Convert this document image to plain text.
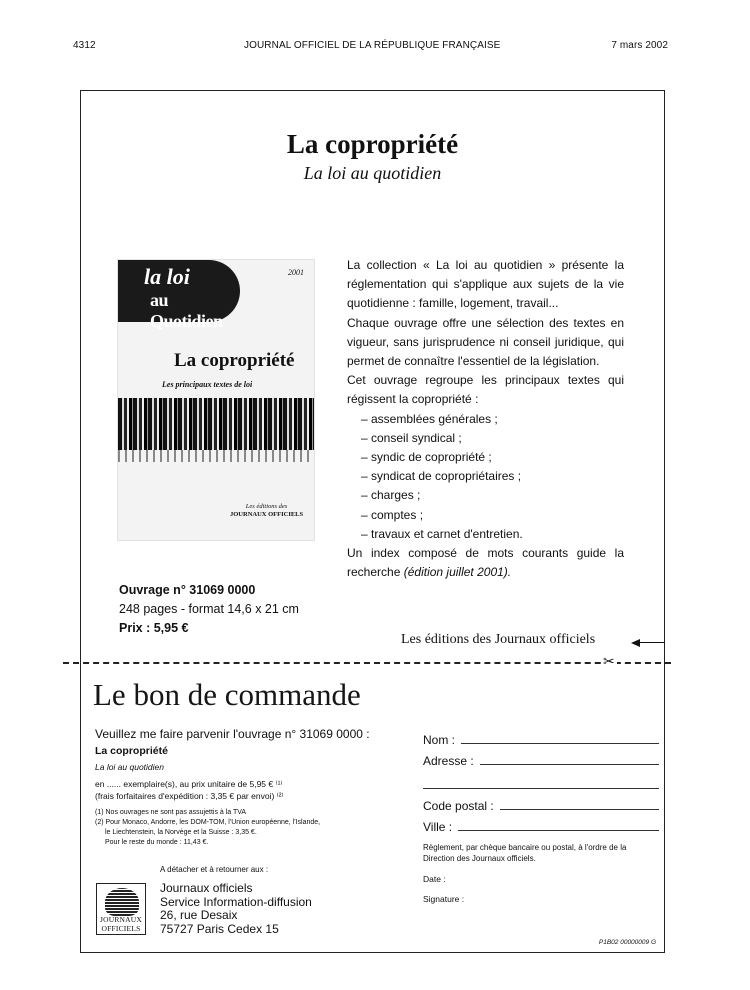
4312	JOURNAL OFFICIEL DE LA RÉPUBLIQUE FRANÇAISE	7 mars 2002
La copropriété
La loi au quotidien
2001
la loi
au Quotidien
La copropriété
Les principaux textes de loi
Les éditions des
JOURNAUX OFFICIELS

La collection « La loi au quotidien » présente la réglementation qui s'applique aux sujets de la vie quotidienne : famille, logement, travail...

Chaque ouvrage offre une sélection des textes en vigueur, sans jurisprudence ni conseil juridique, qui permet de connaître l'essentiel de la législation.

Cet ouvrage regroupe les principaux textes qui régissent la copropriété :

– assemblées générales ;
– conseil syndical ;
– syndic de copropriété ;
– syndicat de copropriétaires ;
– charges ;
– comptes ;
– travaux et carnet d'entretien.

Un index composé de mots courants guide la recherche (édition juillet 2001).

Ouvrage n° 31069 0000
248 pages - format 14,6 x 21 cm
Prix : 5,95 €
Les éditions des Journaux officiels
✂
Le bon de commande
Veuillez me faire parvenir l'ouvrage n° 31069 0000 :
La copropriété
La loi au quotidien
en ...... exemplaire(s), au prix unitaire de 5,95 € ⁽¹⁾
(frais forfaitaires d'expédition : 3,35 € par envoi) ⁽²⁾
(1) Nos ouvrages ne sont pas assujettis à la TVA
(2) Pour Monaco, Andorre, les DOM-TOM, l'Union européenne, l'Islande,
le Liechtenstein, la Norvège et la Suisse : 3,35 €.
Pour le reste du monde : 11,43 €.
A détacher et à retourner aux :
JOURNAUX
OFFICIELS
Journaux officiels
Service Information-diffusion
26, rue Desaix
75727 Paris Cedex 15
Nom :
Adresse :
Code postal :
Ville :
Règlement, par chèque bancaire ou postal, à l'ordre de la Direction des Journaux officiels.
Date :
Signature :
P1B02 00000009 G
